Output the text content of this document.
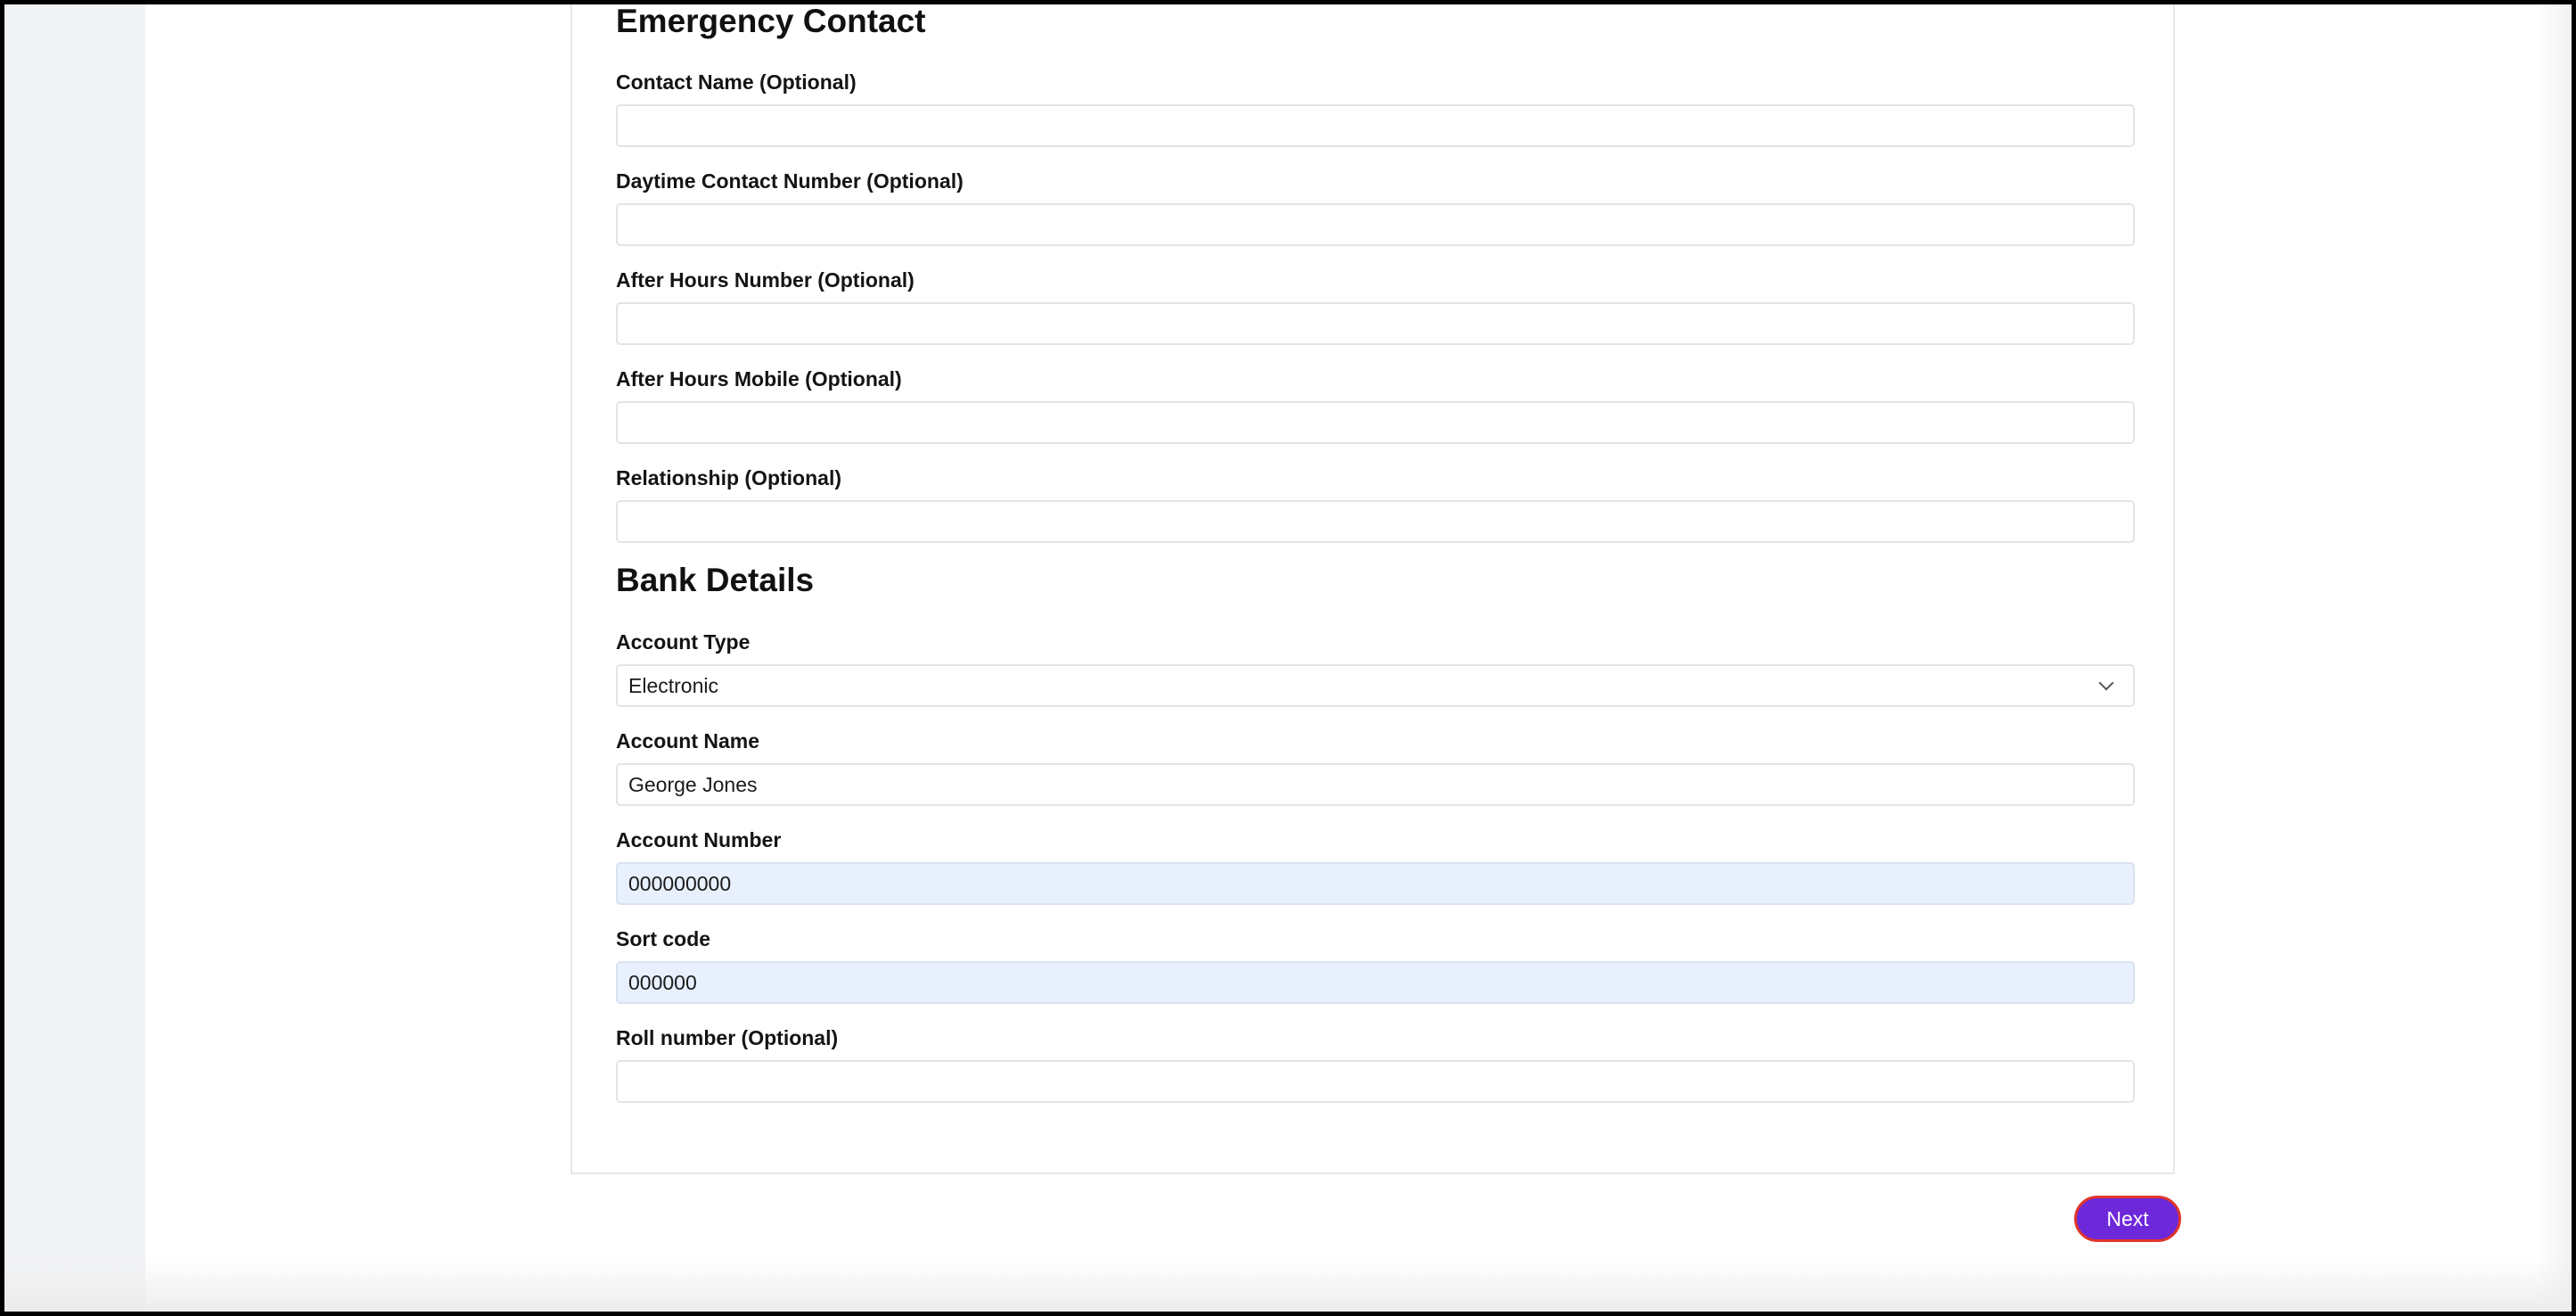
Emergency Contact
Contact Name (Optional)
Daytime Contact Number (Optional)
After Hours Number (Optional)
After Hours Mobile (Optional)
Relationship (Optional)
Bank Details
Account Type
Electronic
Account Name
George Jones
Account Number
000000000
Sort code
000000
Roll number (Optional)
Next
